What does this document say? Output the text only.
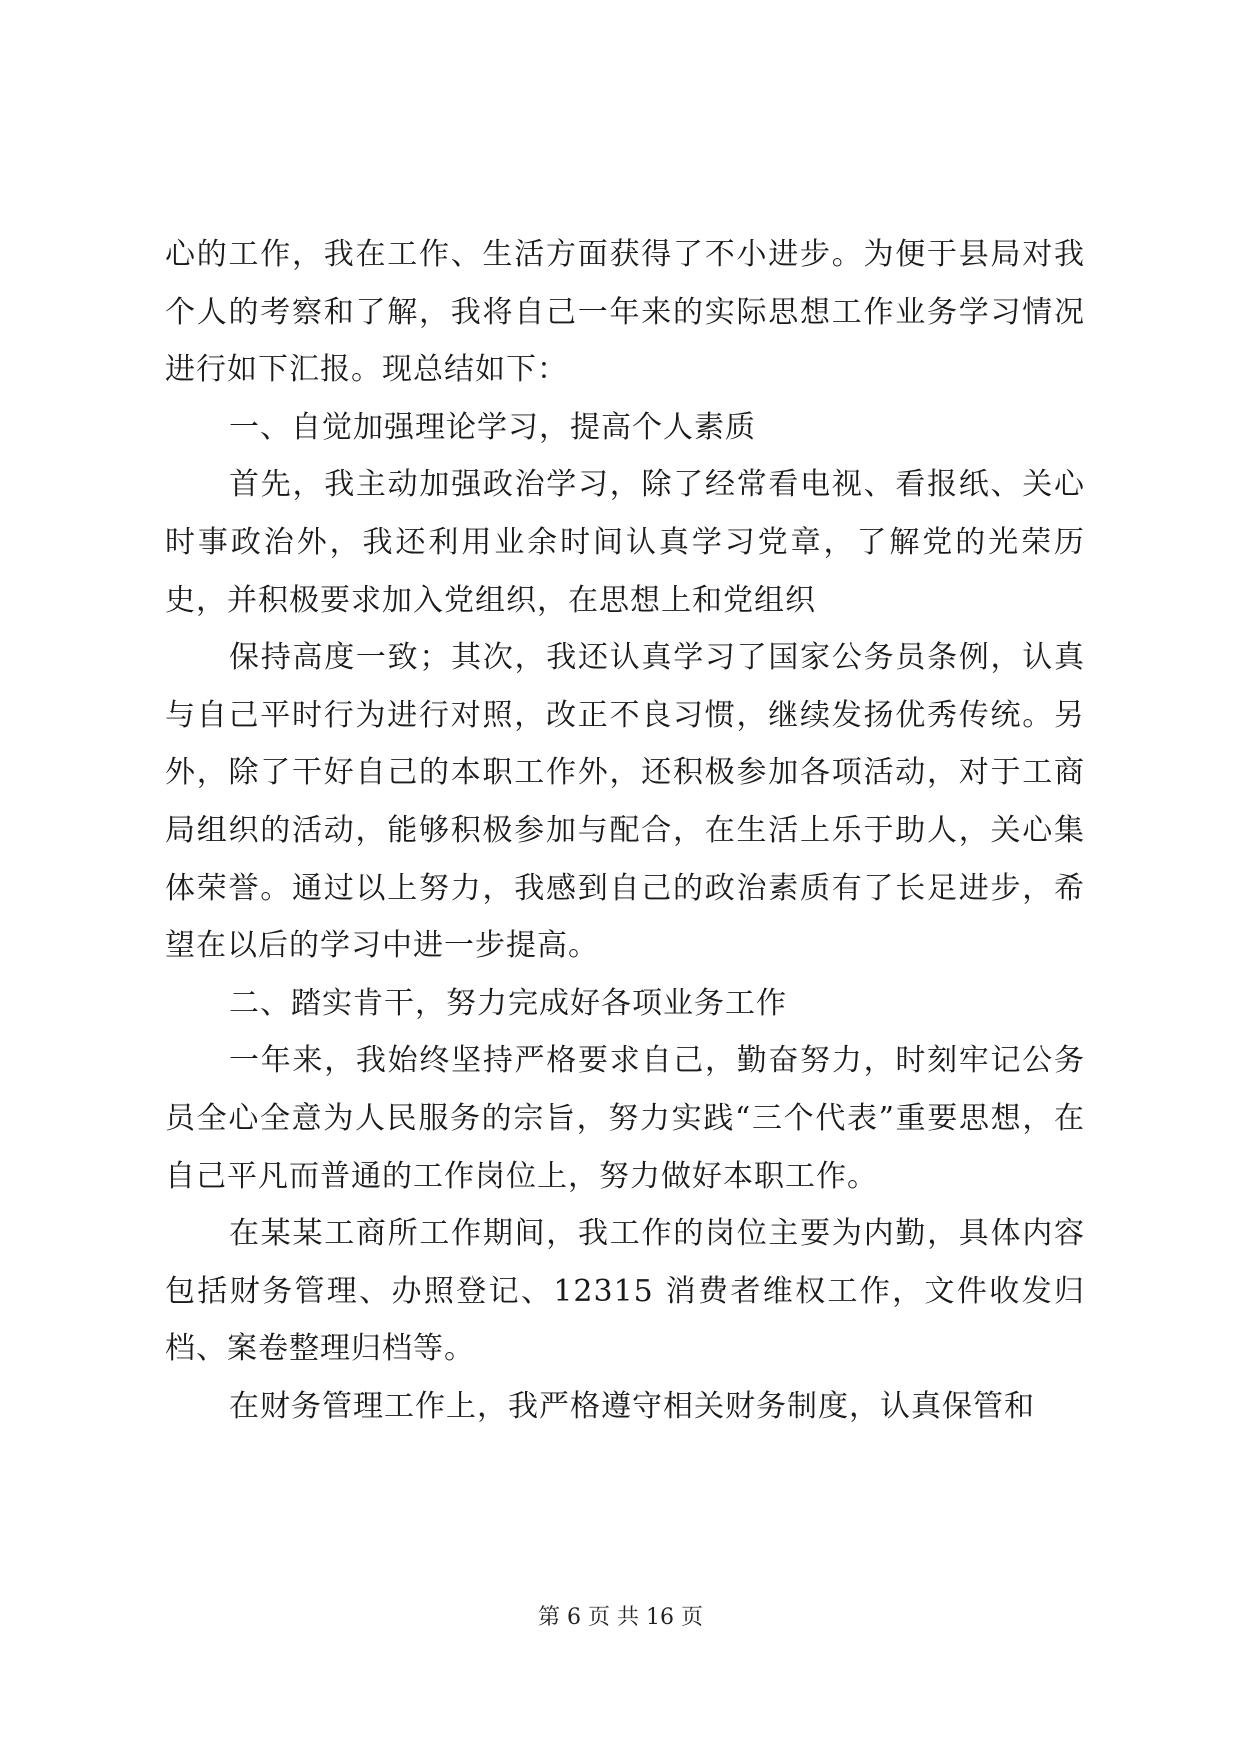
心的工作，我在工作、生活方面获得了不小进步。为便于县局对我个人的考察和了解，我将自己一年来的实际思想工作业务学习情况进行如下汇报。现总结如下：

一、自觉加强理论学习，提高个人素质

首先，我主动加强政治学习，除了经常看电视、看报纸、关心时事政治外，我还利用业余时间认真学习党章，了解党的光荣历史，并积极要求加入党组织，在思想上和党组织

保持高度一致；其次，我还认真学习了国家公务员条例，认真与自己平时行为进行对照，改正不良习惯，继续发扬优秀传统。另外，除了干好自己的本职工作外，还积极参加各项活动，对于工商局组织的活动，能够积极参加与配合，在生活上乐于助人，关心集体荣誉。通过以上努力，我感到自己的政治素质有了长足进步，希望在以后的学习中进一步提高。

二、踏实肯干，努力完成好各项业务工作

一年来，我始终坚持严格要求自己，勤奋努力，时刻牢记公务员全心全意为人民服务的宗旨，努力实践“三个代表”重要思想，在自己平凡而普通的工作岗位上，努力做好本职工作。

在某某工商所工作期间，我工作的岗位主要为内勤，具体内容包括财务管理、办照登记、12315 消费者维权工作，文件收发归档、案卷整理归档等。

在财务管理工作上，我严格遵守相关财务制度，认真保管和

第 6 页 共 16 页
